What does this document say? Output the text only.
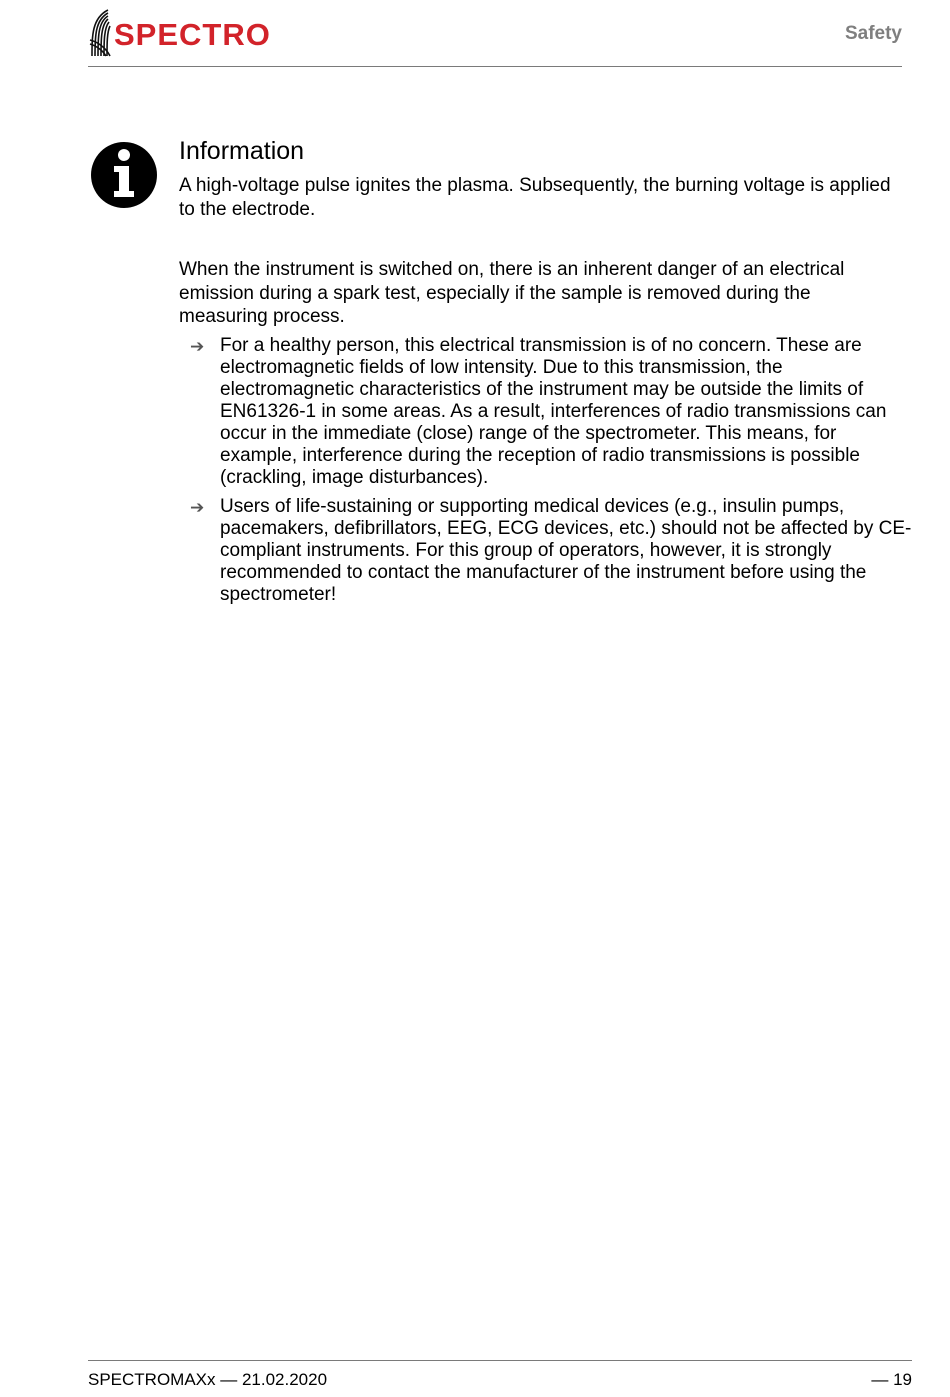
SPECTRO	Safety
Information

A high-voltage pulse ignites the plasma. Subsequently, the burning voltage is applied to the electrode.

When the instrument is switched on, there is an inherent danger of an electrical emission during a spark test, especially if the sample is removed during the measuring process.

➔ For a healthy person, this electrical transmission is of no concern. These are electromagnetic fields of low intensity. Due to this transmission, the electromagnetic characteristics of the instrument may be outside the limits of EN61326-1 in some areas. As a result, interferences of radio transmissions can occur in the immediate (close) range of the spectrometer. This means, for example, interference during the reception of radio transmissions is possible (crackling, image disturbances).
➔ Users of life-sustaining or supporting medical devices (e.g., insulin pumps, pacemakers, defibrillators, EEG, ECG devices, etc.) should not be affected by CE-compliant instruments. For this group of operators, however, it is strongly recommended to contact the manufacturer of the instrument before using the spectrometer!
SPECTROMAXx — 21.02.2020	— 19
